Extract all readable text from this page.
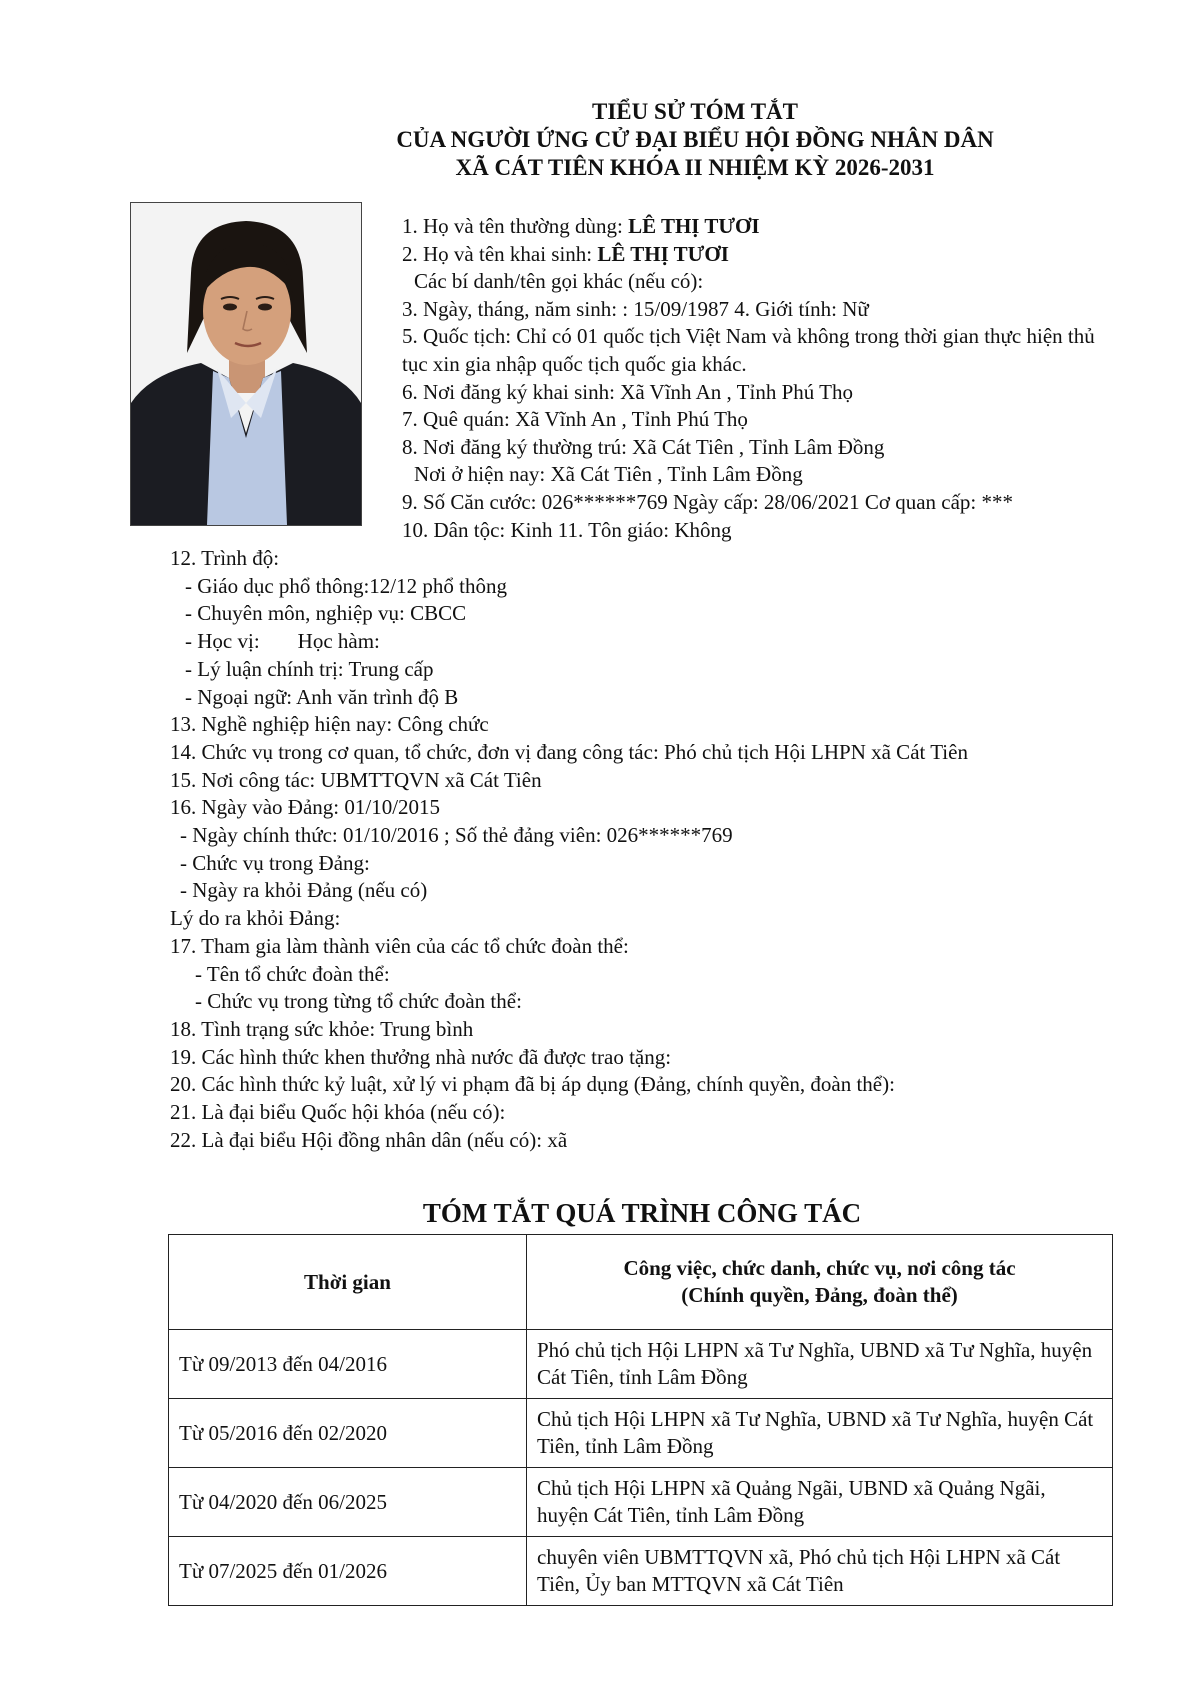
TIỂU SỬ TÓM TẮT
CỦA NGƯỜI ỨNG CỬ ĐẠI BIỂU HỘI ĐỒNG NHÂN DÂN
XÃ CÁT TIÊN KHÓA II NHIỆM KỲ 2026-2031
1. Họ và tên thường dùng: LÊ THỊ TƯƠI
2. Họ và tên khai sinh: LÊ THỊ TƯƠI
Các bí danh/tên gọi khác (nếu có):
3. Ngày, tháng, năm sinh: : 15/09/1987 4. Giới tính: Nữ
5. Quốc tịch: Chỉ có 01 quốc tịch Việt Nam và không trong thời gian thực hiện thủ tục xin gia nhập quốc tịch quốc gia khác.
6. Nơi đăng ký khai sinh: Xã Vĩnh An , Tỉnh Phú Thọ
7. Quê quán: Xã Vĩnh An , Tỉnh Phú Thọ
8. Nơi đăng ký thường trú: Xã Cát Tiên , Tỉnh Lâm Đồng
Nơi ở hiện nay: Xã Cát Tiên , Tỉnh Lâm Đồng
9. Số Căn cước: 026******769 Ngày cấp: 28/06/2021 Cơ quan cấp: ***
10. Dân tộc: Kinh 11. Tôn giáo: Không
12. Trình độ:
- Giáo dục phổ thông:12/12 phổ thông
- Chuyên môn, nghiệp vụ: CBCC
- Học vị: Học hàm:
- Lý luận chính trị: Trung cấp
- Ngoại ngữ: Anh văn trình độ B
13. Nghề nghiệp hiện nay: Công chức
14. Chức vụ trong cơ quan, tổ chức, đơn vị đang công tác: Phó chủ tịch Hội LHPN xã Cát Tiên
15. Nơi công tác: UBMTTQVN xã Cát Tiên
16. Ngày vào Đảng: 01/10/2015
- Ngày chính thức: 01/10/2016 ; Số thẻ đảng viên: 026******769
- Chức vụ trong Đảng:
- Ngày ra khỏi Đảng (nếu có)
Lý do ra khỏi Đảng:
17. Tham gia làm thành viên của các tổ chức đoàn thể:
- Tên tổ chức đoàn thể:
- Chức vụ trong từng tổ chức đoàn thể:
18. Tình trạng sức khỏe: Trung bình
19. Các hình thức khen thưởng nhà nước đã được trao tặng:
20. Các hình thức kỷ luật, xử lý vi phạm đã bị áp dụng (Đảng, chính quyền, đoàn thể):
21. Là đại biểu Quốc hội khóa (nếu có):
22. Là đại biểu Hội đồng nhân dân (nếu có): xã
TÓM TẮT QUÁ TRÌNH CÔNG TÁC
Thời gian	Công việc, chức danh, chức vụ, nơi công tác
(Chính quyền, Đảng, đoàn thể)

Từ 09/2013 đến 04/2016	Phó chủ tịch Hội LHPN xã Tư Nghĩa, UBND xã Tư Nghĩa, huyện Cát Tiên, tỉnh Lâm Đồng
Từ 05/2016 đến 02/2020	Chủ tịch Hội LHPN xã Tư Nghĩa, UBND xã Tư Nghĩa, huyện Cát Tiên, tỉnh Lâm Đồng
Từ 04/2020 đến 06/2025	Chủ tịch Hội LHPN xã Quảng Ngãi, UBND xã Quảng Ngãi, huyện Cát Tiên, tỉnh Lâm Đồng
Từ 07/2025 đến 01/2026	chuyên viên UBMTTQVN xã, Phó chủ tịch Hội LHPN xã Cát Tiên, Ủy ban MTTQVN xã Cát Tiên
